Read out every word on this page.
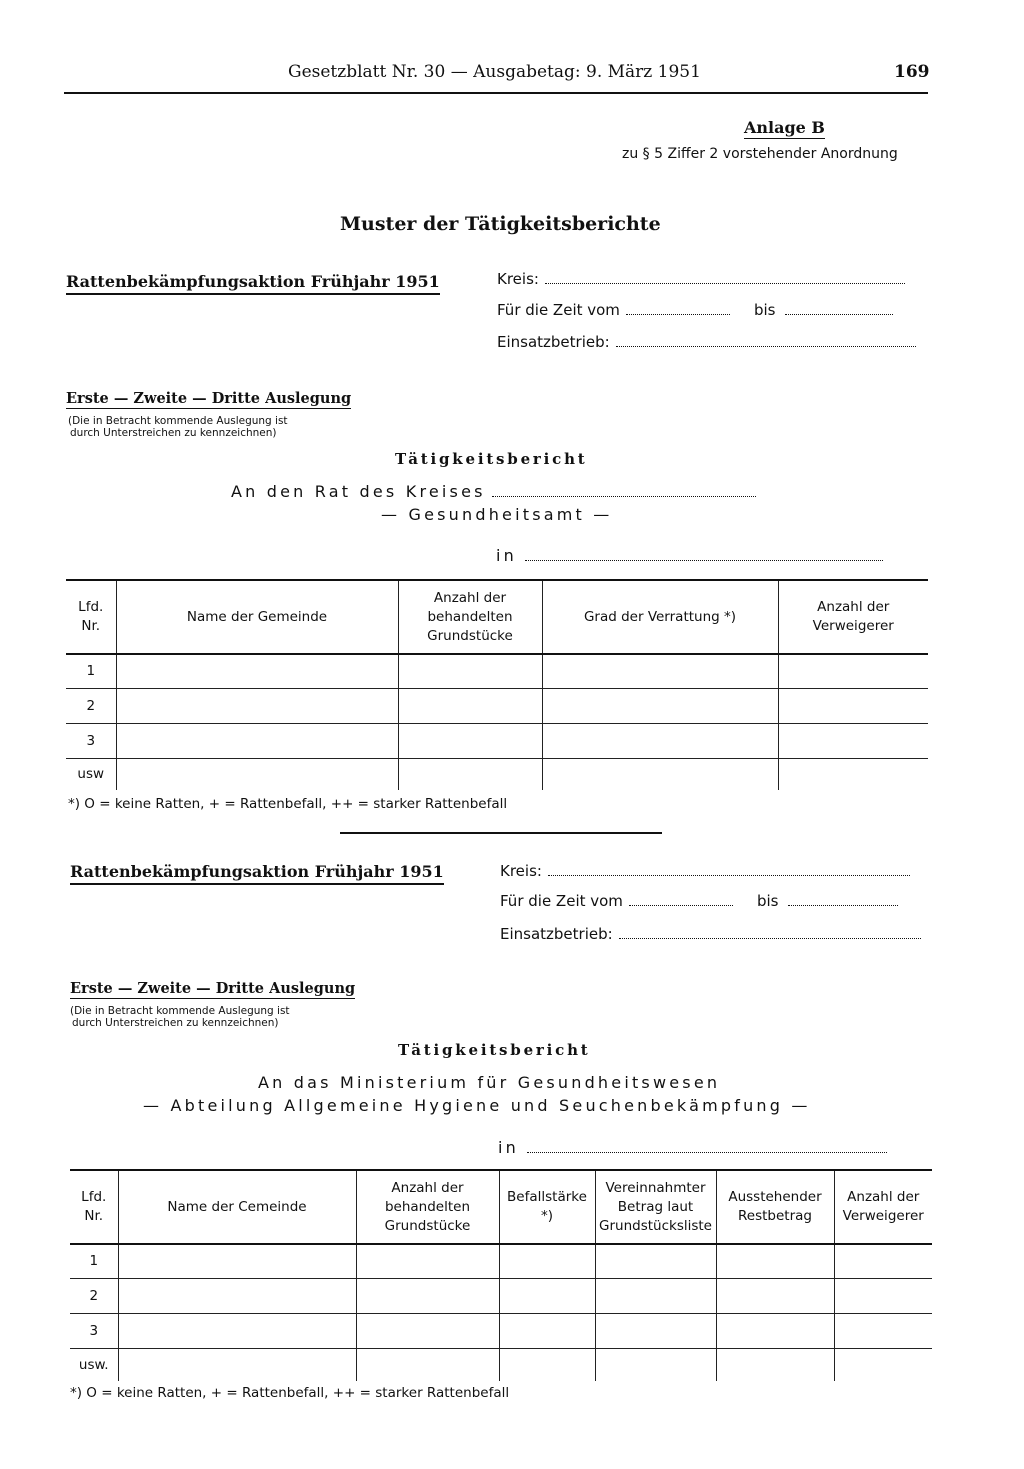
Gesetzblatt Nr. 30 — Ausgabetag: 9. März 1951	169
Anlage B
zu § 5 Ziffer 2 vorstehender Anordnung
Muster der Tätigkeitsberichte
Rattenbekämpfungsaktion Frühjahr 1951	Kreis:
Für die Zeit vom	bis
Einsatzbetrieb:
Erste — Zweite — Dritte Auslegung
(Die in Betracht kommende Auslegung ist
durch Unterstreichen zu kennzeichnen)
Tätigkeitsbericht
An den Rat des Kreises
— Gesundheitsamt —
in
Lfd. Nr.	Name der Gemeinde	Anzahl der behandelten Grundstücke	Grad der Verrattung *)	Anzahl der Verweigerer
1				
2				
3				
usw				
*) O = keine Ratten, + = Rattenbefall, ++ = starker Rattenbefall
Rattenbekämpfungsaktion Frühjahr 1951	Kreis:
Für die Zeit vom	bis
Einsatzbetrieb:
Erste — Zweite — Dritte Auslegung
(Die in Betracht kommende Auslegung ist
durch Unterstreichen zu kennzeichnen)
Tätigkeitsbericht
An das Ministerium für Gesundheitswesen
— Abteilung Allgemeine Hygiene und Seuchenbekämpfung —
in
Lfd. Nr.	Name der Cemeinde	Anzahl der behandelten Grundstücke	Befallstärke *)	Vereinnahmter Betrag laut Grundstücksliste	Ausstehender Restbetrag	Anzahl der Verweigerer
1						
2						
3						
usw.						
*) O = keine Ratten, + = Rattenbefall, ++ = starker Rattenbefall
